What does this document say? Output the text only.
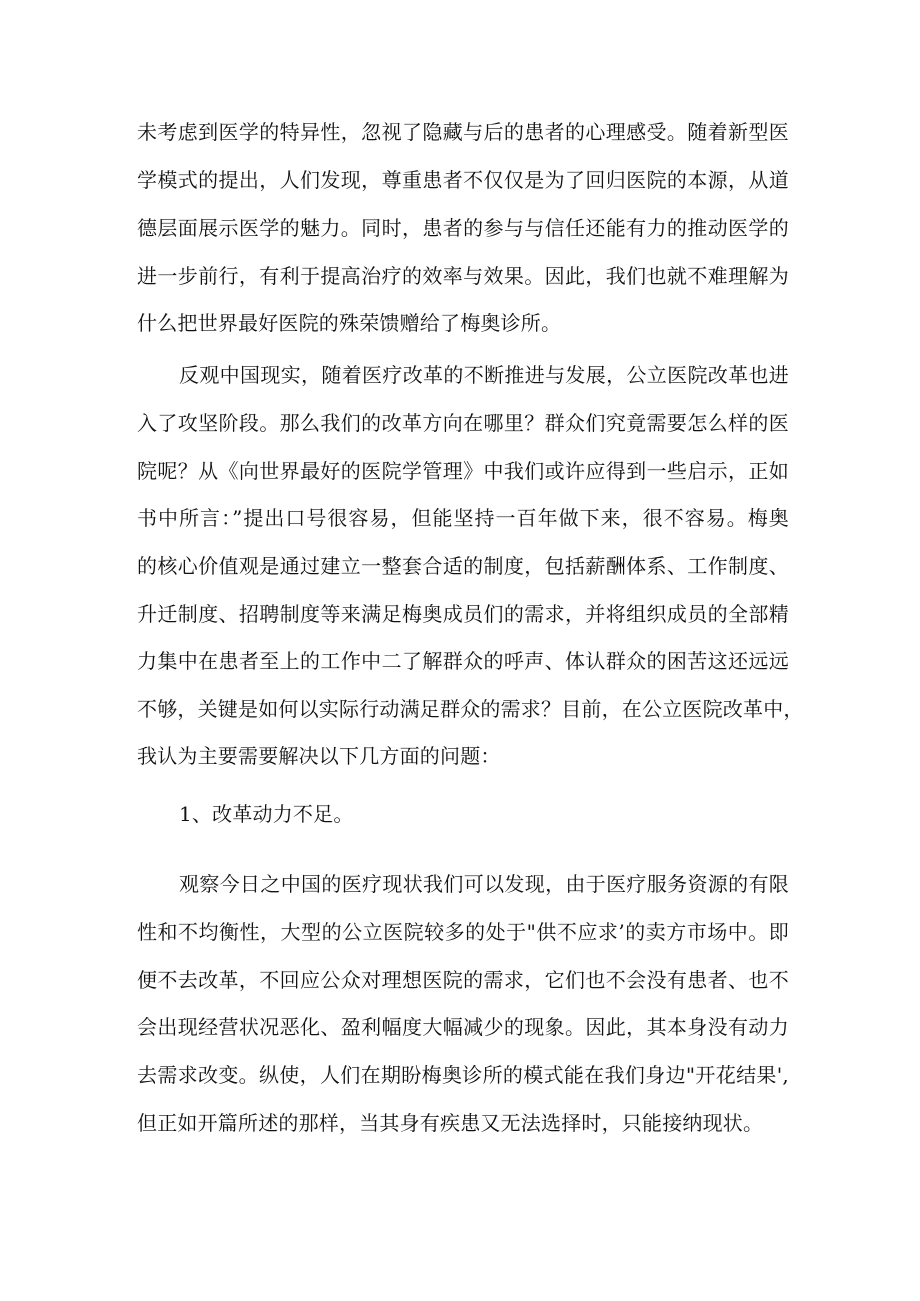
未考虑到医学的特异性，忽视了隐藏与后的患者的心理感受。随着新型医
学模式的提出，人们发现，尊重患者不仅仅是为了回归医院的本源，从道
德层面展示医学的魅力。同时，患者的参与与信任还能有力的推动医学的
进一步前行，有利于提高治疗的效率与效果。因此，我们也就不难理解为
什么把世界最好医院的殊荣馈赠给了梅奥诊所。
反观中国现实，随着医疗改革的不断推进与发展，公立医院改革也进
入了攻坚阶段。那么我们的改革方向在哪里？群众们究竟需要怎么样的医
院呢？从《向世界最好的医院学管理》中我们或许应得到一些启示，正如
书中所言：”提出口号很容易，但能坚持一百年做下来，很不容易。梅奥
的核心价值观是通过建立一整套合适的制度，包括薪酬体系、工作制度、
升迁制度、招聘制度等来满足梅奥成员们的需求，并将组织成员的全部精
力集中在患者至上的工作中二了解群众的呼声、体认群众的困苦这还远远
不够，关键是如何以实际行动满足群众的需求？目前，在公立医院改革中，
我认为主要需要解决以下几方面的问题：
1、改革动力不足。
观察今日之中国的医疗现状我们可以发现，由于医疗服务资源的有限
性和不均衡性，大型的公立医院较多的处于"供不应求’的卖方市场中。即
便不去改革，不回应公众对理想医院的需求，它们也不会没有患者、也不
会出现经营状况恶化、盈利幅度大幅减少的现象。因此，其本身没有动力
去需求改变。纵使，人们在期盼梅奥诊所的模式能在我们身边"开花结果',
但正如开篇所述的那样，当其身有疾患又无法选择时，只能接纳现状。
